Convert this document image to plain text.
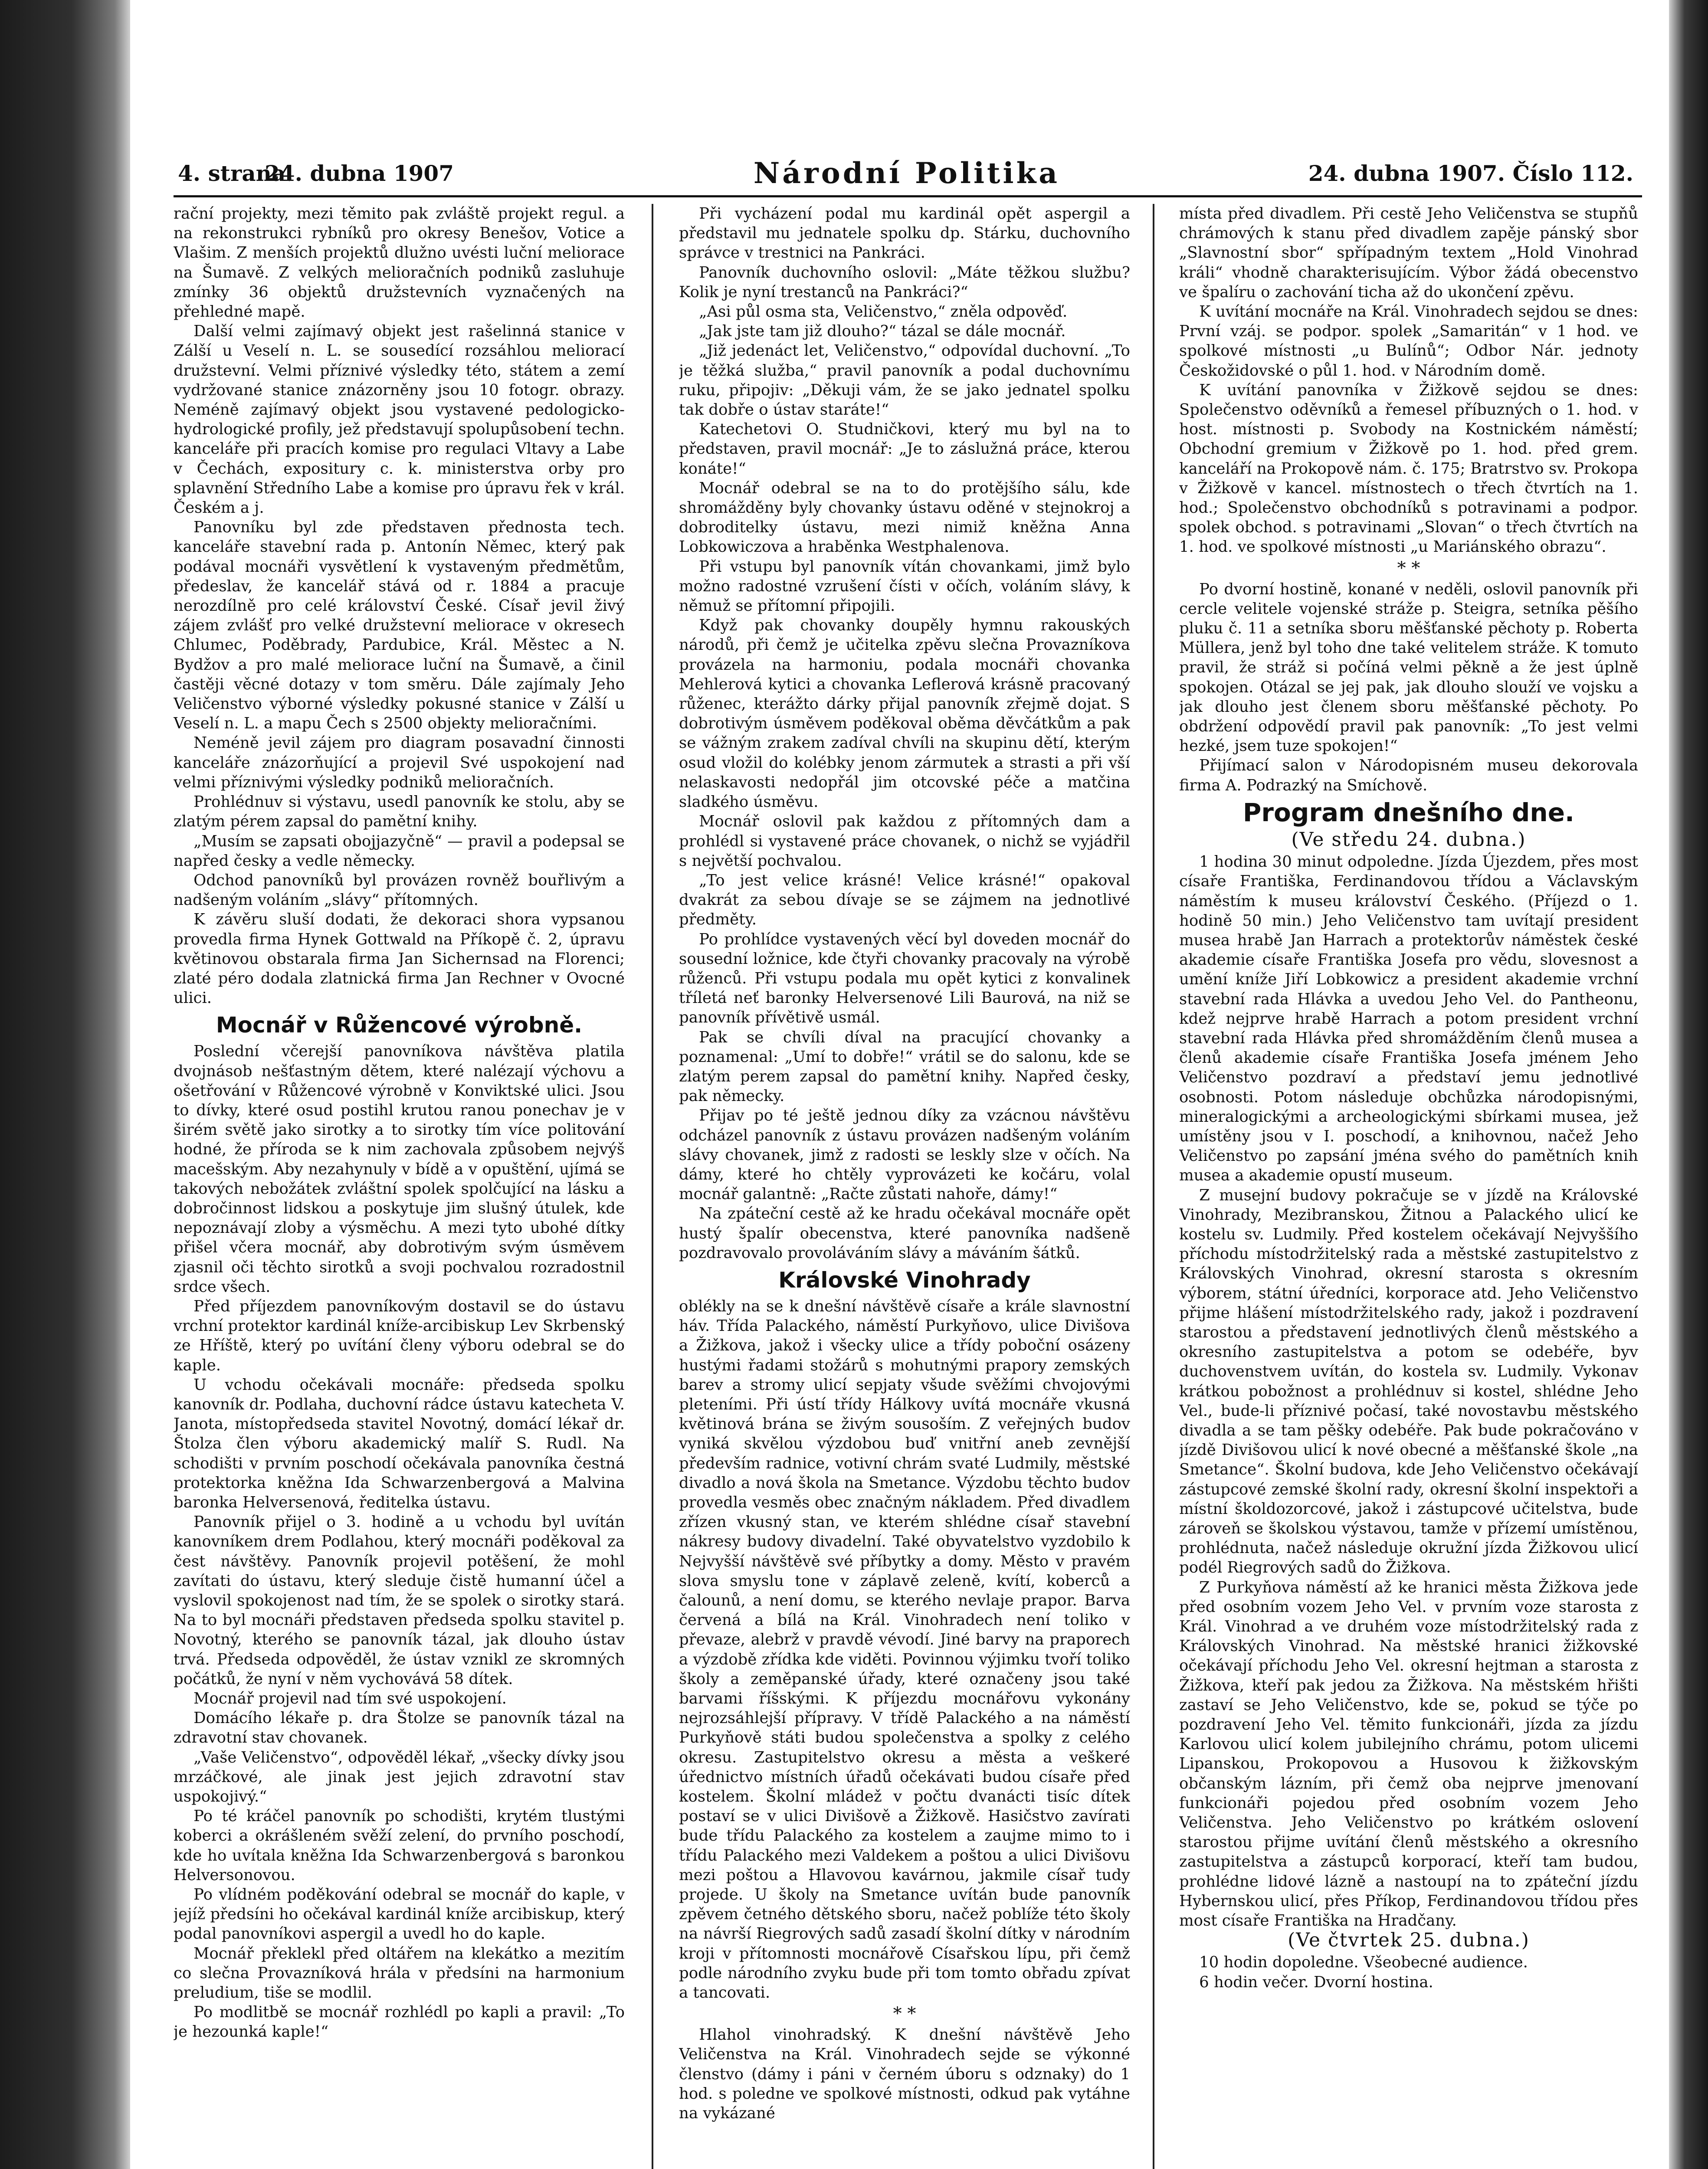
4. strana.
24. dubna 1907	Národní Politika	24. dubna 1907. Číslo 112.

rační projekty, mezi těmito pak zvláště projekt regul. a na rekonstrukci rybníků pro okresy Benešov, Votice a Vlašim. Z menších projektů dlužno uvésti luční meliorace na Šumavě. Z velkých melioračních podniků zasluhuje zmínky 36 objektů družstevních vyznačených na přehledné mapě.

Další velmi zajímavý objekt jest rašelinná stanice v Zálší u Veselí n. L. se sousedící rozsáhlou meliorací družstevní. Velmi příznivé výsledky této, státem a zemí vydržované stanice znázorněny jsou 10 fotogr. obrazy. Neméně zajímavý objekt jsou vystavené pedologicko-hydrologické profily, jež představují spolupůsobení techn. kanceláře při pracích komise pro regulaci Vltavy a Labe v Čechách, expositury c. k. ministerstva orby pro splavnění Středního Labe a komise pro úpravu řek v král. Českém a j.

Panovníku byl zde představen přednosta tech. kanceláře stavební rada p. Antonín Němec, který pak podával mocnáři vysvětlení k vystaveným předmětům, předeslav, že kancelář stává od r. 1884 a pracuje nerozdílně pro celé království České. Císař jevil živý zájem zvlášť pro velké družstevní meliorace v okresech Chlumec, Poděbrady, Pardubice, Král. Městec a N. Bydžov a pro malé meliorace luční na Šumavě, a činil častěji věcné dotazy v tom směru. Dále zajímaly Jeho Veličenstvo výborné výsledky pokusné stanice v Zálší u Veselí n. L. a mapu Čech s 2500 objekty melioračními.

Neméně jevil zájem pro diagram posavadní činnosti kanceláře znázorňující a projevil Své uspokojení nad velmi příznivými výsledky podniků melioračních.

Prohlédnuv si výstavu, usedl panovník ke stolu, aby se zlatým pérem zapsal do pamětní knihy.

„Musím se zapsati obojjazyčně“ — pravil a podepsal se napřed česky a vedle německy.

Odchod panovníků byl provázen rovněž bouřlivým a nadšeným voláním „slávy“ přítomných.

K závěru sluší dodati, že dekoraci shora vypsanou provedla firma Hynek Gottwald na Příkopě č. 2, úpravu květinovou obstarala firma Jan Sichernsad na Florenci; zlaté péro dodala zlatnická firma Jan Rechner v Ovocné ulici.

Mocnář v Růžencové výrobně.

Poslední včerejší panovníkova návštěva platila dvojnásob nešťastným dětem, které nalézají výchovu a ošetřování v Růžencové výrobně v Konviktské ulici. Jsou to dívky, které osud postihl krutou ranou ponechav je v širém světě jako sirotky a to sirotky tím více politování hodné, že příroda se k nim zachovala způsobem nejvýš macešským. Aby nezahynuly v bídě a v opuštění, ujímá se takových nebožátek zvláštní spolek spolčující na lásku a dobročinnost lidskou a poskytuje jim slušný útulek, kde nepoznávají zloby a výsměchu. A mezi tyto ubohé dítky přišel včera mocnář, aby dobrotivým svým úsměvem zjasnil oči těchto sirotků a svoji pochvalou rozradostnil srdce všech.

Před příjezdem panovníkovým dostavil se do ústavu vrchní protektor kardinál kníže-arcibiskup Lev Skrbenský ze Hříště, který po uvítání členy výboru odebral se do kaple.

U vchodu očekávali mocnáře: předseda spolku kanovník dr. Podlaha, duchovní rádce ústavu katecheta V. Janota, místopředseda stavitel Novotný, domácí lékař dr. Štolza člen výboru akademický malíř S. Rudl. Na schodišti v prvním poschodí očekávala panovníka čestná protektorka kněžna Ida Schwarzenbergová a Malvina baronka Helversenová, ředitelka ústavu.

Panovník přijel o 3. hodině a u vchodu byl uvítán kanovníkem drem Podlahou, který mocnáři poděkoval za čest návštěvy. Panovník projevil potěšení, že mohl zavítati do ústavu, který sleduje čistě humanní účel a vyslovil spokojenost nad tím, že se spolek o sirotky stará. Na to byl mocnáři představen předseda spolku stavitel p. Novotný, kterého se panovník tázal, jak dlouho ústav trvá. Předseda odpověděl, že ústav vznikl ze skromných počátků, že nyní v něm vychovává 58 dítek.

Mocnář projevil nad tím své uspokojení.

Domácího lékaře p. dra Štolze se panovník tázal na zdravotní stav chovanek.

„Vaše Veličenstvo“, odpověděl lékař, „všecky dívky jsou mrzáčkové, ale jinak jest jejich zdravotní stav uspokojivý.“

Po té kráčel panovník po schodišti, krytém tlustými koberci a okrášleném svěží zelení, do prvního poschodí, kde ho uvítala kněžna Ida Schwarzenbergová s baronkou Helversonovou.

Po vlídném poděkování odebral se mocnář do kaple, v jejíž předsíni ho očekával kardinál kníže arcibiskup, který podal panovníkovi aspergil a uvedl ho do kaple.

Mocnář překlekl před oltářem na klekátko a mezitím co slečna Provazníková hrála v předsíni na harmonium preludium, tiše se modlil.

Po modlitbě se mocnář rozhlédl po kapli a pravil: „To je hezounká kaple!“

Při vycházení podal mu kardinál opět aspergil a představil mu jednatele spolku dp. Stárku, duchovního správce v trestnici na Pankráci.

Panovník duchovního oslovil: „Máte těžkou službu? Kolik je nyní trestanců na Pankráci?“

„Asi půl osma sta, Veličenstvo,“ zněla odpověď.

„Jak jste tam již dlouho?“ tázal se dále mocnář.

„Již jedenáct let, Veličenstvo,“ odpovídal duchovní. „To je těžká služba,“ pravil panovník a podal duchovnímu ruku, připojiv: „Děkuji vám, že se jako jednatel spolku tak dobře o ústav staráte!“

Katechetovi O. Studničkovi, který mu byl na to představen, pravil mocnář: „Je to záslužná práce, kterou konáte!“

Mocnář odebral se na to do protějšího sálu, kde shromážděny byly chovanky ústavu oděné v stejnokroj a dobroditelky ústavu, mezi nimiž kněžna Anna Lobkowiczova a hraběnka Westphalenova.

Při vstupu byl panovník vítán chovankami, jimž bylo možno radostné vzrušení čísti v očích, voláním slávy, k němuž se přítomní připojili.

Když pak chovanky doupěly hymnu rakouských národů, při čemž je učitelka zpěvu slečna Provazníkova provázela na harmoniu, podala mocnáři chovanka Mehlerová kytici a chovanka Leflerová krásně pracovaný růženec, kterážto dárky přijal panovník zřejmě dojat. S dobrotivým úsměvem poděkoval oběma děvčátkům a pak se vážným zrakem zadíval chvíli na skupinu dětí, kterým osud vložil do kolébky jenom zármutek a strasti a při vší nelaskavosti nedopřál jim otcovské péče a matčina sladkého úsměvu.

Mocnář oslovil pak každou z přítomných dam a prohlédl si vystavené práce chovanek, o nichž se vyjádřil s největší pochvalou.

„To jest velice krásné! Velice krásné!“ opakoval dvakrát za sebou dívaje se se zájmem na jednotlivé předměty.

Po prohlídce vystavených věcí byl doveden mocnář do sousední ložnice, kde čtyři chovanky pracovaly na výrobě růženců. Při vstupu podala mu opět kytici z konvalinek tříletá neť baronky Helversenové Lili Baurová, na niž se panovník přívětivě usmál.

Pak se chvíli díval na pracující chovanky a poznamenal: „Umí to dobře!“ vrátil se do salonu, kde se zlatým perem zapsal do pamětní knihy. Napřed česky, pak německy.

Přijav po té ještě jednou díky za vzácnou návštěvu odcházel panovník z ústavu provázen nadšeným voláním slávy chovanek, jimž z radosti se leskly slze v očích. Na dámy, které ho chtěly vyprovázeti ke kočáru, volal mocnář galantně: „Račte zůstati nahoře, dámy!“

Na zpáteční cestě až ke hradu očekával mocnáře opět hustý špalír obecenstva, které panovníka nadšeně pozdravovalo provoláváním slávy a máváním šátků.

Královské Vinohrady

oblékly na se k dnešní návštěvě císaře a krále slavnostní háv. Třída Palackého, náměstí Purkyňovo, ulice Divišova a Žižkova, jakož i všecky ulice a třídy poboční osázeny hustými řadami stožárů s mohutnými prapory zemských barev a stromy ulicí sepjaty všude svěžími chvojovými pleteními. Při ústí třídy Hálkovy uvítá mocnáře vkusná květinová brána se živým sousoším. Z veřejných budov vyniká skvělou výzdobou buď vnitřní aneb zevnější především radnice, votivní chrám svaté Ludmily, městské divadlo a nová škola na Smetance. Výzdobu těchto budov provedla vesměs obec značným nákladem. Před divadlem zřízen vkusný stan, ve kterém shlédne císař stavební nákresy budovy divadelní. Také obyvatelstvo vyzdobilo k Nejvyšší návštěvě své příbytky a domy. Město v pravém slova smyslu tone v záplavě zeleně, kvítí, koberců a čalounů, a není domu, se kterého nevlaje prapor. Barva červená a bílá na Král. Vinohradech není toliko v převaze, alebrž v pravdě vévodí. Jiné barvy na praporech a výzdobě zřídka kde viděti. Povinnou výjimku tvoří toliko školy a zeměpanské úřady, které označeny jsou také barvami říšskými. K příjezdu mocnářovu vykonány nejrozsáhlejší přípravy. V třídě Palackého a na náměstí Purkyňově státi budou společenstva a spolky z celého okresu. Zastupitelstvo okresu a města a veškeré úřednictvo místních úřadů očekávati budou císaře před kostelem. Školní mládež v počtu dvanácti tisíc dítek postaví se v ulici Divišově a Žižkově. Hasičstvo zavírati bude třídu Palackého za kostelem a zaujme mimo to i třídu Palackého mezi Valdekem a poštou a ulici Divišovu mezi poštou a Hlavovou kavárnou, jakmile císař tudy projede. U školy na Smetance uvítán bude panovník zpěvem četného dětského sboru, načež poblíže této školy na návrší Riegrových sadů zasadí školní dítky v národním kroji v přítomnosti mocnářově Císařskou lípu, při čemž podle národního zvyku bude při tom tomto obřadu zpívat a tancovati.

* *

Hlahol vinohradský. K dnešní návštěvě Jeho Veličenstva na Král. Vinohradech sejde se výkonné členstvo (dámy i páni v černém úboru s odznaky) do 1 hod. s poledne ve spolkové místnosti, odkud pak vytáhne na vykázané

místa před divadlem. Při cestě Jeho Veličenstva se stupňů chrámových k stanu před divadlem zapěje pánský sbor „Slavnostní sbor“ spřípadným textem „Hold Vinohrad králi“ vhodně charakterisujícím. Výbor žádá obecenstvo ve špalíru o zachování ticha až do ukončení zpěvu.

K uvítání mocnáře na Král. Vinohradech sejdou se dnes: První vzáj. se podpor. spolek „Samaritán“ v 1 hod. ve spolkové místnosti „u Bulínů“; Odbor Nár. jednoty Českožidovské o půl 1. hod. v Národním domě.

K uvítání panovníka v Žižkově sejdou se dnes: Společenstvo oděvníků a řemesel příbuzných o 1. hod. v host. místnosti p. Svobody na Kostnickém náměstí; Obchodní gremium v Žižkově po 1. hod. před grem. kanceláří na Prokopově nám. č. 175; Bratrstvo sv. Prokopa v Žižkově v kancel. místnostech o třech čtvrtích na 1. hod.; Společenstvo obchodníků s potravinami a podpor. spolek obchod. s potravinami „Slovan“ o třech čtvrtích na 1. hod. ve spolkové místnosti „u Mariánského obrazu“.

* *

Po dvorní hostině, konané v neděli, oslovil panovník při cercle velitele vojenské stráže p. Steigra, setníka pěšího pluku č. 11 a setníka sboru měšťanské pěchoty p. Roberta Müllera, jenž byl toho dne také velitelem stráže. K tomuto pravil, že stráž si počíná velmi pěkně a že jest úplně spokojen. Otázal se jej pak, jak dlouho slouží ve vojsku a jak dlouho jest členem sboru měšťanské pěchoty. Po obdržení odpovědí pravil pak panovník: „To jest velmi hezké, jsem tuze spokojen!“

Přijímací salon v Národopisném museu dekorovala firma A. Podrazký na Smíchově.

Program dnešního dne.
(Ve středu 24. dubna.)

1 hodina 30 minut odpoledne. Jízda Újezdem, přes most císaře Františka, Ferdinandovou třídou a Václavským náměstím k museu království Českého. (Příjezd o 1. hodině 50 min.) Jeho Veličenstvo tam uvítají president musea hrabě Jan Harrach a protektorův náměstek české akademie císaře Františka Josefa pro vědu, slovesnost a umění kníže Jiří Lobkowicz a president akademie vrchní stavební rada Hlávka a uvedou Jeho Vel. do Pantheonu, kdež nejprve hrabě Harrach a potom president vrchní stavební rada Hlávka před shromážděním členů musea a členů akademie císaře Františka Josefa jménem Jeho Veličenstvo pozdraví a představí jemu jednotlivé osobnosti. Potom následuje obchůzka národopisnými, mineralogickými a archeologickými sbírkami musea, jež umístěny jsou v I. poschodí, a knihovnou, načež Jeho Veličenstvo po zapsání jména svého do pamětních knih musea a akademie opustí museum.

Z musejní budovy pokračuje se v jízdě na Královské Vinohrady, Mezibranskou, Žitnou a Palackého ulicí ke kostelu sv. Ludmily. Před kostelem očekávají Nejvyššího příchodu místodržitelský rada a městské zastupitelstvo z Královských Vinohrad, okresní starosta s okresním výborem, státní úředníci, korporace atd. Jeho Veličenstvo přijme hlášení místodržitelského rady, jakož i pozdravení starostou a představení jednotlivých členů městského a okresního zastupitelstva a potom se odebéře, byv duchovenstvem uvítán, do kostela sv. Ludmily. Vykonav krátkou pobožnost a prohlédnuv si kostel, shlédne Jeho Vel., bude-li příznivé počasí, také novostavbu městského divadla a se tam pěšky odebéře. Pak bude pokračováno v jízdě Divišovou ulicí k nové obecné a měšťanské škole „na Smetance“. Školní budova, kde Jeho Veličenstvo očekávají zástupcové zemské školní rady, okresní školní inspektoři a místní školdozorcové, jakož i zástupcové učitelstva, bude zároveň se školskou výstavou, tamže v přízemí umístěnou, prohlédnuta, načež následuje okružní jízda Žižkovou ulicí podél Riegrových sadů do Žižkova.

Z Purkyňova náměstí až ke hranici města Žižkova jede před osobním vozem Jeho Vel. v prvním voze starosta z Král. Vinohrad a ve druhém voze místodržitelský rada z Královských Vinohrad. Na městské hranici žižkovské očekávají příchodu Jeho Vel. okresní hejtman a starosta z Žižkova, kteří pak jedou za Žižkova. Na městském hřišti zastaví se Jeho Veličenstvo, kde se, pokud se týče po pozdravení Jeho Vel. těmito funkcionáři, jízda za jízdu Karlovou ulicí kolem jubilejního chrámu, potom ulicemi Lipanskou, Prokopovou a Husovou k žižkovským občanským lázním, při čemž oba nejprve jmenovaní funkcionáři pojedou před osobním vozem Jeho Veličenstva. Jeho Veličenstvo po krátkém oslovení starostou přijme uvítání členů městského a okresního zastupitelstva a zástupců korporací, kteří tam budou, prohlédne lidové lázně a nastoupí na to zpáteční jízdu Hybernskou ulicí, přes Příkop, Ferdinandovou třídou přes most císaře Františka na Hradčany.

(Ve čtvrtek 25. dubna.)

10 hodin dopoledne. Všeobecné audience.

6 hodin večer. Dvorní hostina.
